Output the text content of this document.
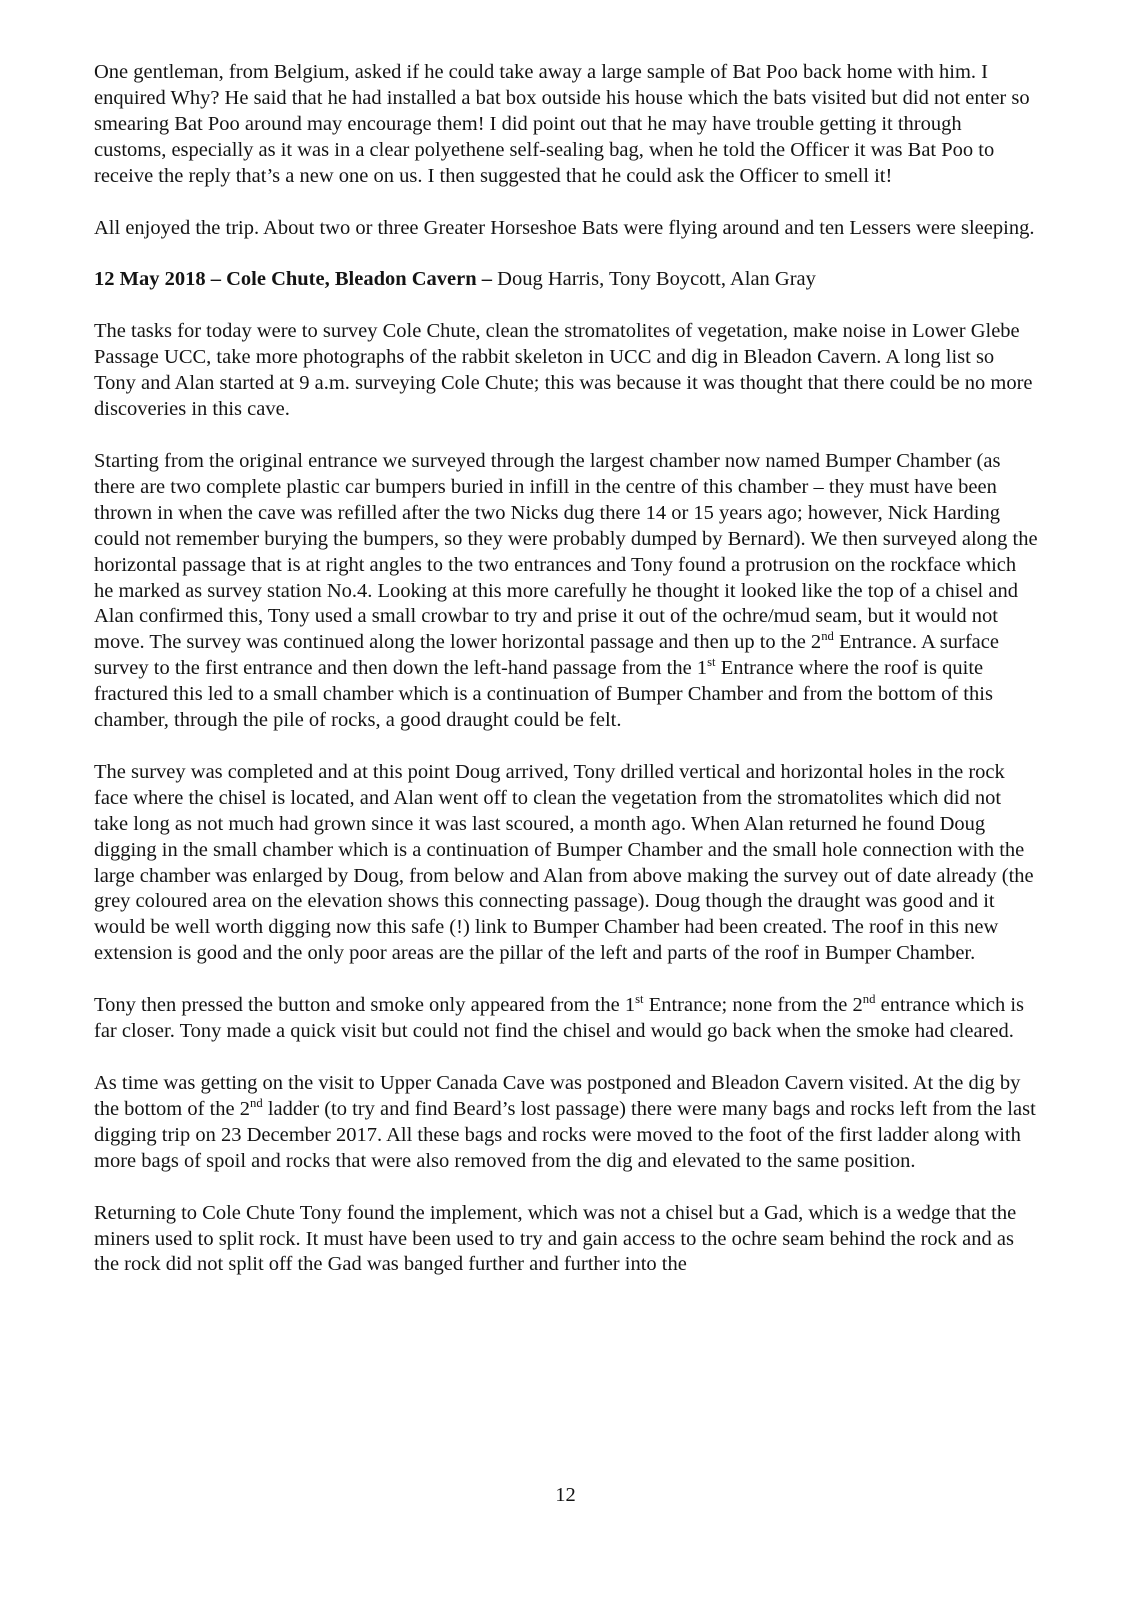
One gentleman, from Belgium, asked if he could take away a large sample of Bat Poo back home with him. I enquired Why? He said that he had installed a bat box outside his house which the bats visited but did not enter so smearing Bat Poo around may encourage them! I did point out that he may have trouble getting it through customs, especially as it was in a clear polyethene self-sealing bag, when he told the Officer it was Bat Poo to receive the reply that’s a new one on us. I then suggested that he could ask the Officer to smell it!

All enjoyed the trip. About two or three Greater Horseshoe Bats were flying around and ten Lessers were sleeping.

12 May 2018 – Cole Chute, Bleadon Cavern – Doug Harris, Tony Boycott, Alan Gray

The tasks for today were to survey Cole Chute, clean the stromatolites of vegetation, make noise in Lower Glebe Passage UCC, take more photographs of the rabbit skeleton in UCC and dig in Bleadon Cavern. A long list so Tony and Alan started at 9 a.m. surveying Cole Chute; this was because it was thought that there could be no more discoveries in this cave.

Starting from the original entrance we surveyed through the largest chamber now named Bumper Chamber (as there are two complete plastic car bumpers buried in infill in the centre of this chamber – they must have been thrown in when the cave was refilled after the two Nicks dug there 14 or 15 years ago; however, Nick Harding could not remember burying the bumpers, so they were probably dumped by Bernard). We then surveyed along the horizontal passage that is at right angles to the two entrances and Tony found a protrusion on the rockface which he marked as survey station No.4. Looking at this more carefully he thought it looked like the top of a chisel and Alan confirmed this, Tony used a small crowbar to try and prise it out of the ochre/mud seam, but it would not move. The survey was continued along the lower horizontal passage and then up to the 2nd Entrance. A surface survey to the first entrance and then down the left-hand passage from the 1st Entrance where the roof is quite fractured this led to a small chamber which is a continuation of Bumper Chamber and from the bottom of this chamber, through the pile of rocks, a good draught could be felt.

The survey was completed and at this point Doug arrived, Tony drilled vertical and horizontal holes in the rock face where the chisel is located, and Alan went off to clean the vegetation from the stromatolites which did not take long as not much had grown since it was last scoured, a month ago. When Alan returned he found Doug digging in the small chamber which is a continuation of Bumper Chamber and the small hole connection with the large chamber was enlarged by Doug, from below and Alan from above making the survey out of date already (the grey coloured area on the elevation shows this connecting passage). Doug though the draught was good and it would be well worth digging now this safe (!) link to Bumper Chamber had been created. The roof in this new extension is good and the only poor areas are the pillar of the left and parts of the roof in Bumper Chamber.

Tony then pressed the button and smoke only appeared from the 1st Entrance; none from the 2nd entrance which is far closer. Tony made a quick visit but could not find the chisel and would go back when the smoke had cleared.

As time was getting on the visit to Upper Canada Cave was postponed and Bleadon Cavern visited. At the dig by the bottom of the 2nd ladder (to try and find Beard’s lost passage) there were many bags and rocks left from the last digging trip on 23 December 2017. All these bags and rocks were moved to the foot of the first ladder along with more bags of spoil and rocks that were also removed from the dig and elevated to the same position.

Returning to Cole Chute Tony found the implement, which was not a chisel but a Gad, which is a wedge that the miners used to split rock. It must have been used to try and gain access to the ochre seam behind the rock and as the rock did not split off the Gad was banged further and further into the

12
